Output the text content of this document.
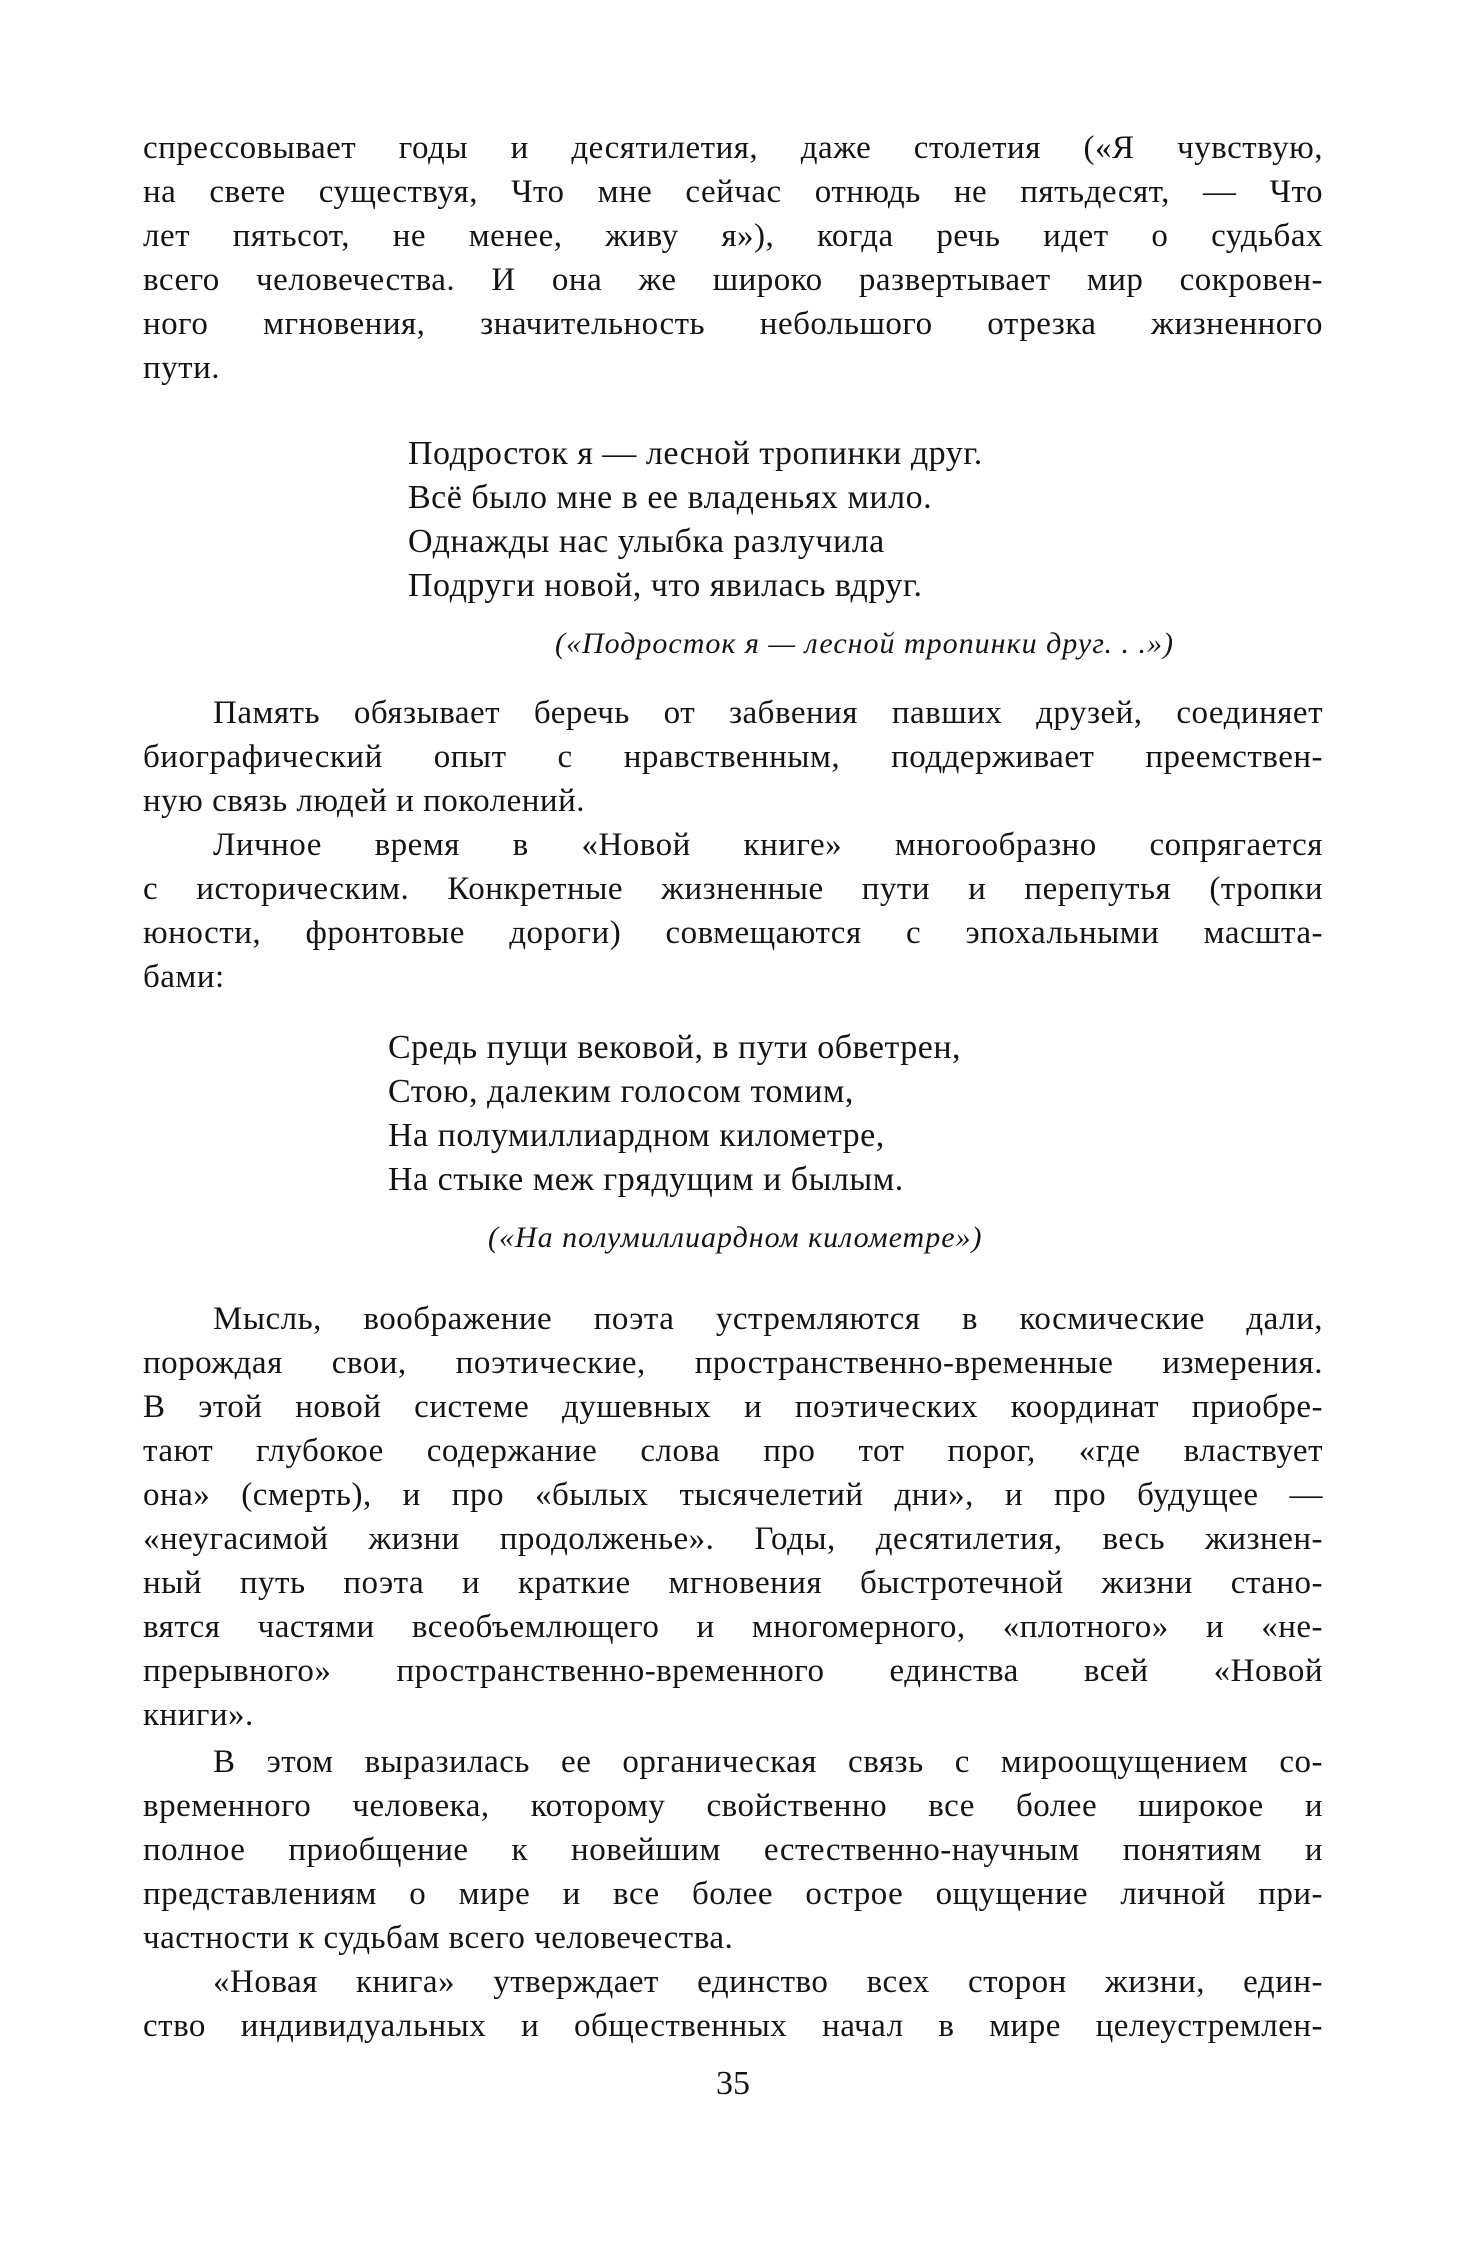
спрессовывает годы и десятилетия, даже столетия («Я чувствую,
на свете существуя, Что мне сейчас отнюдь не пятьдесят, — Что
лет пятьсот, не менее, живу я»), когда речь идет о судьбах
всего человечества. И она же широко развертывает мир сокровен-
ного мгновения, значительность небольшого отрезка жизненного
пути.
Подросток я — лесной тропинки друг.
Всё было мне в ее владеньях мило.
Однажды нас улыбка разлучила
Подруги новой, что явилась вдруг.
(«Подросток я — лесной тропинки друг. . .»)
Память обязывает беречь от забвения павших друзей, соединяет
биографический опыт с нравственным, поддерживает преемствен-
ную связь людей и поколений.
Личное время в «Новой книге» многообразно сопрягается
с историческим. Конкретные жизненные пути и перепутья (тропки
юности, фронтовые дороги) совмещаются с эпохальными масшта-
бами:
Средь пущи вековой, в пути обветрен,
Стою, далеким голосом томим,
На полумиллиардном километре,
На стыке меж грядущим и былым.
(«На полумиллиардном километре»)
Мысль, воображение поэта устремляются в космические дали,
порождая свои, поэтические, пространственно-временные измерения.
В этой новой системе душевных и поэтических координат приобре-
тают глубокое содержание слова про тот порог, «где властвует
она» (смерть), и про «былых тысячелетий дни», и про будущее —
«неугасимой жизни продолженье». Годы, десятилетия, весь жизнен-
ный путь поэта и краткие мгновения быстротечной жизни стано-
вятся частями всеобъемлющего и многомерного, «плотного» и «не-
прерывного» пространственно-временного единства всей «Новой
книги».
В этом выразилась ее органическая связь с мироощущением со-
временного человека, которому свойственно все более широкое и
полное приобщение к новейшим естественно-научным понятиям и
представлениям о мире и все более острое ощущение личной при-
частности к судьбам всего человечества.
«Новая книга» утверждает единство всех сторон жизни, един-
ство индивидуальных и общественных начал в мире целеустремлен-
35
